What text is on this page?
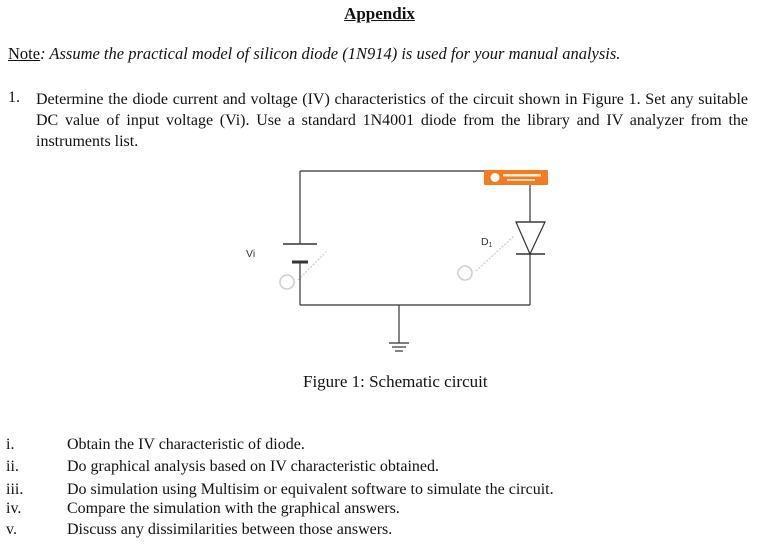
Appendix
Note: Assume the practical model of silicon diode (1N914) is used for your manual analysis.
1. Determine the diode current and voltage (IV) characteristics of the circuit shown in Figure 1. Set any suitable DC value of input voltage (Vi). Use a standard 1N4001 diode from the library and IV analyzer from the instruments list.
Vi
D1
Figure 1: Schematic circuit
i.	Obtain the IV characteristic of diode.
ii.	Do graphical analysis based on IV characteristic obtained.
iii.	Do simulation using Multisim or equivalent software to simulate the circuit.
iv.	Compare the simulation with the graphical answers.
v.	Discuss any dissimilarities between those answers.
